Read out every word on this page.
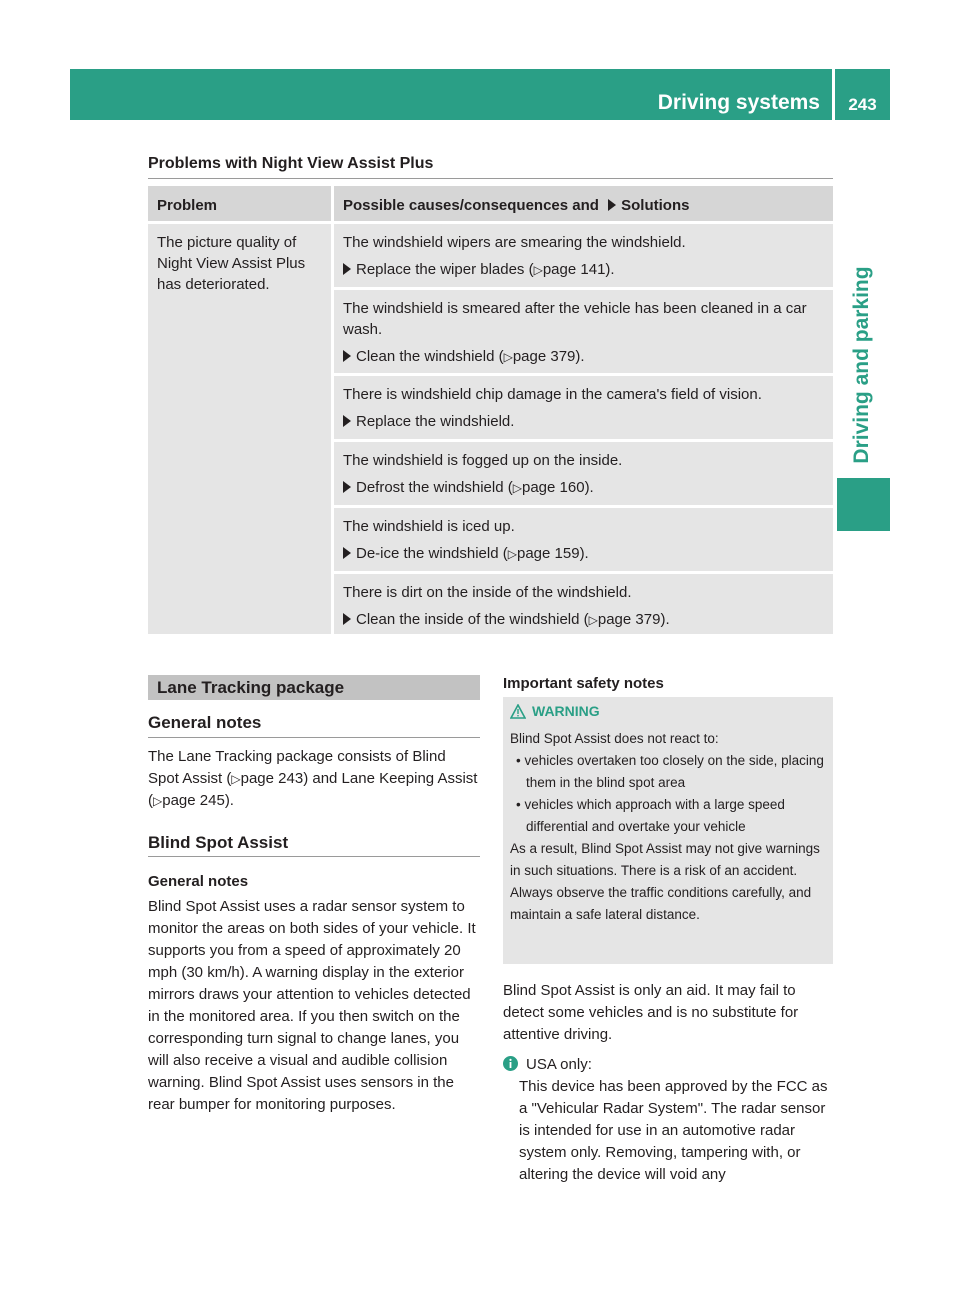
Driving systems	243
Driving and parking
Problems with Night View Assist Plus
Problem	Possible causes/consequences and Solutions
The picture quality of Night View Assist Plus has deteriorated.
The windshield wipers are smearing the windshield.
Replace the wiper blades (▷page 141).
The windshield is smeared after the vehicle has been cleaned in a car wash.
Clean the windshield (▷page 379).
There is windshield chip damage in the camera's field of vision.
Replace the windshield.
The windshield is fogged up on the inside.
Defrost the windshield (▷page 160).
The windshield is iced up.
De-ice the windshield (▷page 159).
There is dirt on the inside of the windshield.
Clean the inside of the windshield (▷page 379).
Lane Tracking package
General notes
The Lane Tracking package consists of Blind Spot Assist (▷page 243) and Lane Keeping Assist (▷page 245).
Blind Spot Assist
General notes
Blind Spot Assist uses a radar sensor system to monitor the areas on both sides of your vehicle. It supports you from a speed of approximately 20 mph (30 km/h). A warning display in the exterior mirrors draws your attention to vehicles detected in the monitored area. If you then switch on the corresponding turn signal to change lanes, you will also receive a visual and audible collision warning. Blind Spot Assist uses sensors in the rear bumper for monitoring purposes.
Important safety notes
WARNING
Blind Spot Assist does not react to:
• vehicles overtaken too closely on the side, placing them in the blind spot area
• vehicles which approach with a large speed differential and overtake your vehicle
As a result, Blind Spot Assist may not give warnings in such situations. There is a risk of an accident.
Always observe the traffic conditions carefully, and maintain a safe lateral distance.
Blind Spot Assist is only an aid. It may fail to detect some vehicles and is no substitute for attentive driving.
USA only:
This device has been approved by the FCC as a "Vehicular Radar System". The radar sensor is intended for use in an automotive radar system only. Removing, tampering with, or altering the device will void any
